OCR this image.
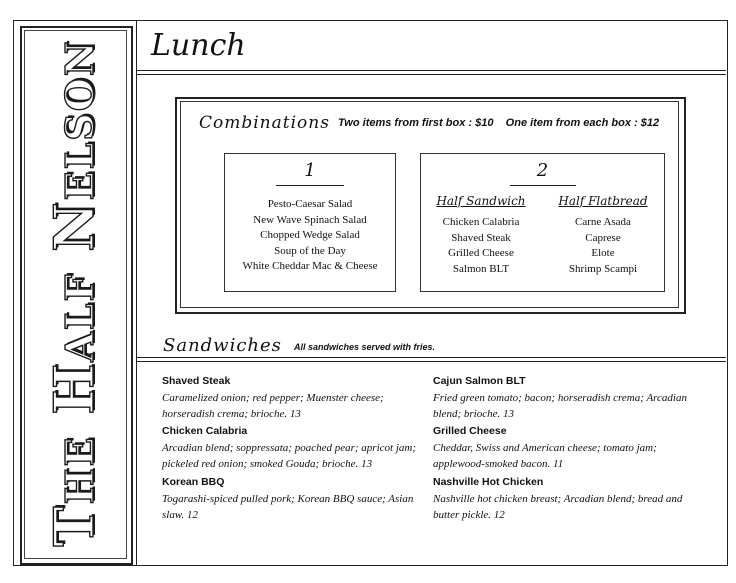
The Half Nelson Lunch
Combinations Two items from first box : $10    One item from each box : $12
1
Pesto-Caesar Salad
New Wave Spinach Salad
Chopped Wedge Salad
Soup of the Day
White Cheddar Mac & Cheese
2
Half Sandwich
Chicken Calabria
Shaved Steak
Grilled Cheese
Salmon BLT
Half Flatbread
Carne Asada
Caprese
Elote
Shrimp Scampi
Sandwiches All sandwiches served with fries.
Shaved Steak
Caramelized onion; red pepper; Muenster cheese; horseradish crema; brioche. 13
Chicken Calabria
Arcadian blend; soppressata; poached pear; apricot jam; pickeled red onion; smoked Gouda; brioche. 13
Korean BBQ
Togarashi-spiced pulled pork; Korean BBQ sauce; Asian slaw. 12
Cajun Salmon BLT
Fried green tomato; bacon; horseradish crema; Arcadian blend; brioche. 13
Grilled Cheese
Cheddar, Swiss and American cheese; tomato jam; applewood-smoked bacon. 11
Nashville Hot Chicken
Nashville hot chicken breast; Arcadian blend; bread and butter pickle. 12
